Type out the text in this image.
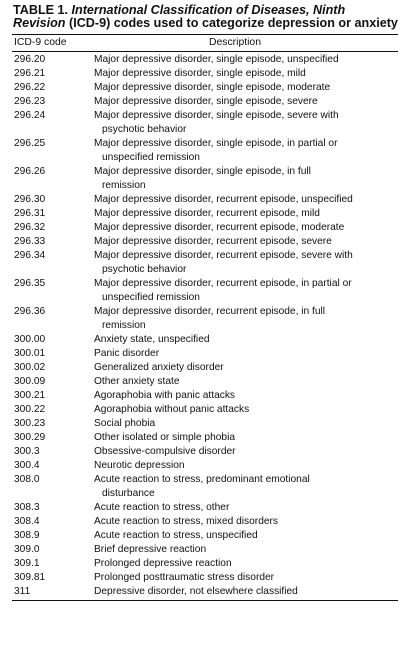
TABLE 1. International Classification of Diseases, Ninth Revision (ICD-9) codes used to categorize depression or anxiety
ICD-9 code	Description
296.20	Major depressive disorder, single episode, unspecified
296.21	Major depressive disorder, single episode, mild
296.22	Major depressive disorder, single episode, moderate
296.23	Major depressive disorder, single episode, severe
296.24	Major depressive disorder, single episode, severe with
psychotic behavior
296.25	Major depressive disorder, single episode, in partial or
unspecified remission
296.26	Major depressive disorder, single episode, in full
remission
296.30	Major depressive disorder, recurrent episode, unspecified
296.31	Major depressive disorder, recurrent episode, mild
296.32	Major depressive disorder, recurrent episode, moderate
296.33	Major depressive disorder, recurrent episode, severe
296.34	Major depressive disorder, recurrent episode, severe with
psychotic behavior
296.35	Major depressive disorder, recurrent episode, in partial or
unspecified remission
296.36	Major depressive disorder, recurrent episode, in full
remission
300.00	Anxiety state, unspecified
300.01	Panic disorder
300.02	Generalized anxiety disorder
300.09	Other anxiety state
300.21	Agoraphobia with panic attacks
300.22	Agoraphobia without panic attacks
300.23	Social phobia
300.29	Other isolated or simple phobia
300.3	Obsessive-compulsive disorder
300.4	Neurotic depression
308.0	Acute reaction to stress, predominant emotional
disturbance
308.3	Acute reaction to stress, other
308.4	Acute reaction to stress, mixed disorders
308.9	Acute reaction to stress, unspecified
309.0	Brief depressive reaction
309.1	Prolonged depressive reaction
309.81	Prolonged posttraumatic stress disorder
311	Depressive disorder, not elsewhere classified
